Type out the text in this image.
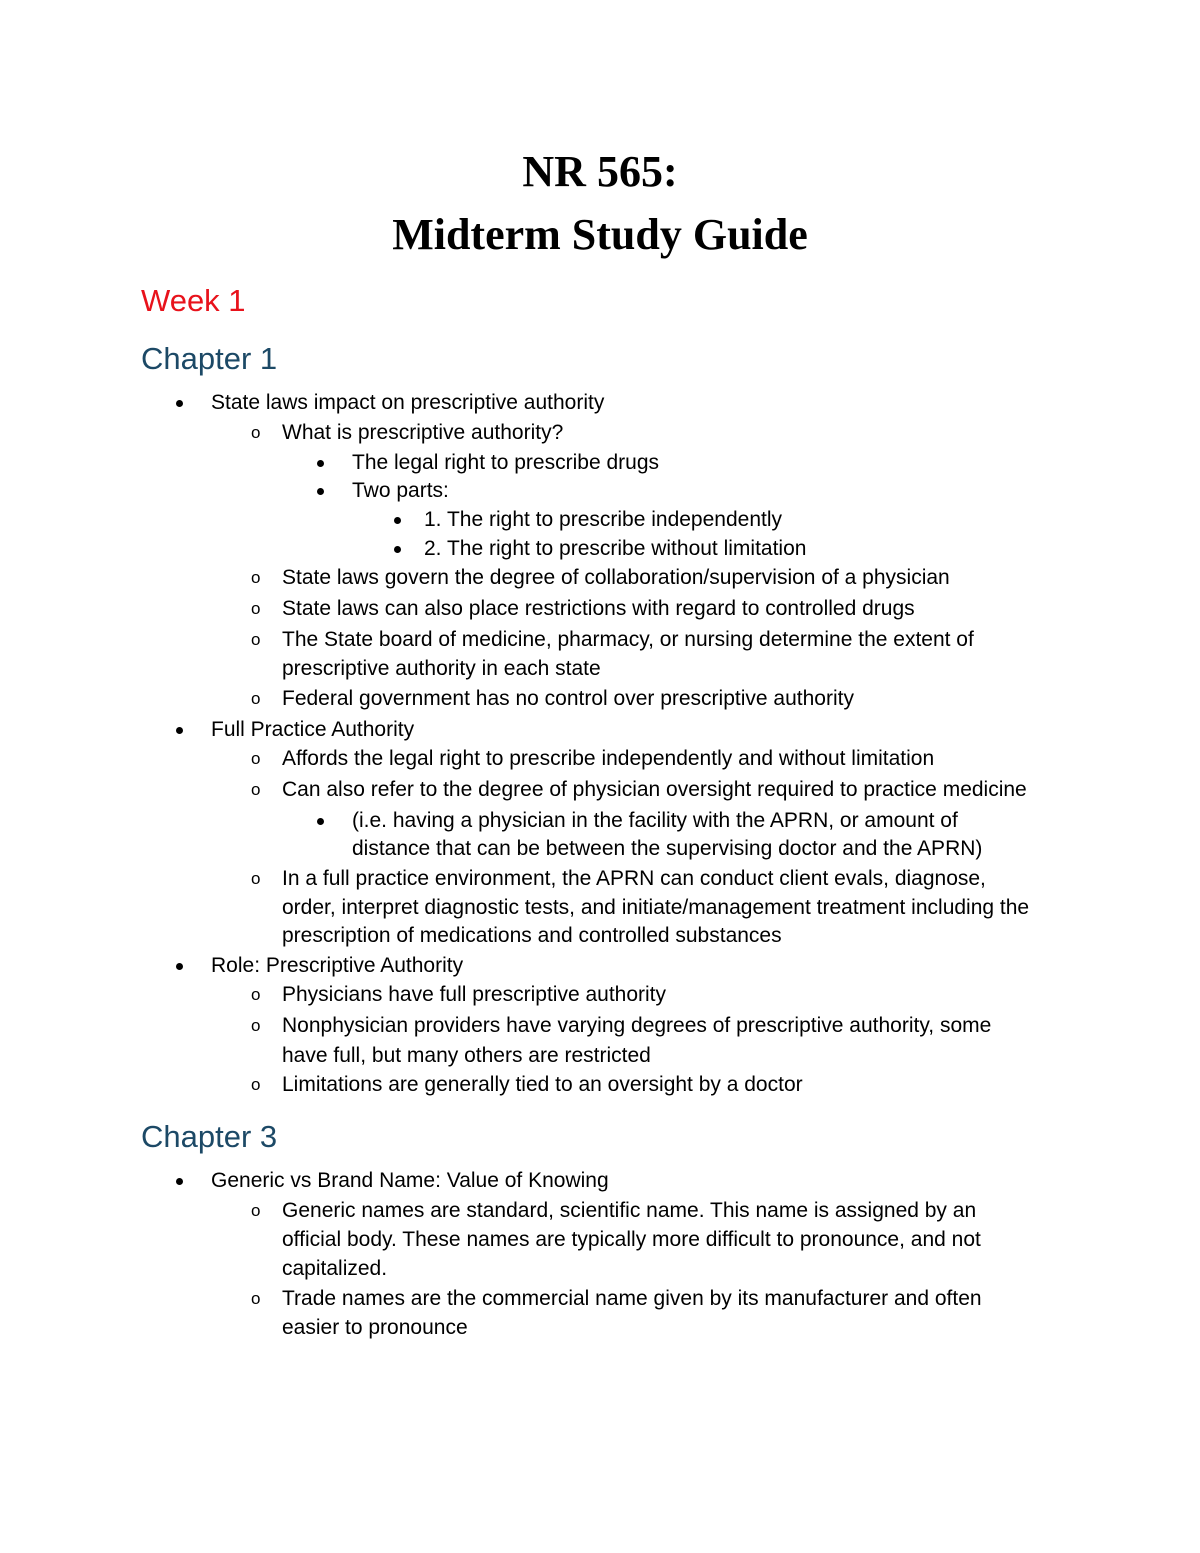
NR 565:
Midterm Study Guide
Week 1
Chapter 1
State laws impact on prescriptive authority
o What is prescriptive authority?
The legal right to prescribe drugs
Two parts:
1. The right to prescribe independently
2. The right to prescribe without limitation
o State laws govern the degree of collaboration/supervision of a physician
o State laws can also place restrictions with regard to controlled drugs
o The State board of medicine, pharmacy, or nursing determine the extent of
prescriptive authority in each state
o Federal government has no control over prescriptive authority
Full Practice Authority
o Affords the legal right to prescribe independently and without limitation
o Can also refer to the degree of physician oversight required to practice medicine
(i.e. having a physician in the facility with the APRN, or amount of
distance that can be between the supervising doctor and the APRN)
o In a full practice environment, the APRN can conduct client evals, diagnose,
order, interpret diagnostic tests, and initiate/management treatment including the
prescription of medications and controlled substances
Role: Prescriptive Authority
o Physicians have full prescriptive authority
o Nonphysician providers have varying degrees of prescriptive authority, some
have full, but many others are restricted
o Limitations are generally tied to an oversight by a doctor
Chapter 3
Generic vs Brand Name: Value of Knowing
o Generic names are standard, scientific name. This name is assigned by an
official body. These names are typically more difficult to pronounce, and not
capitalized.
o Trade names are the commercial name given by its manufacturer and often
easier to pronounce
